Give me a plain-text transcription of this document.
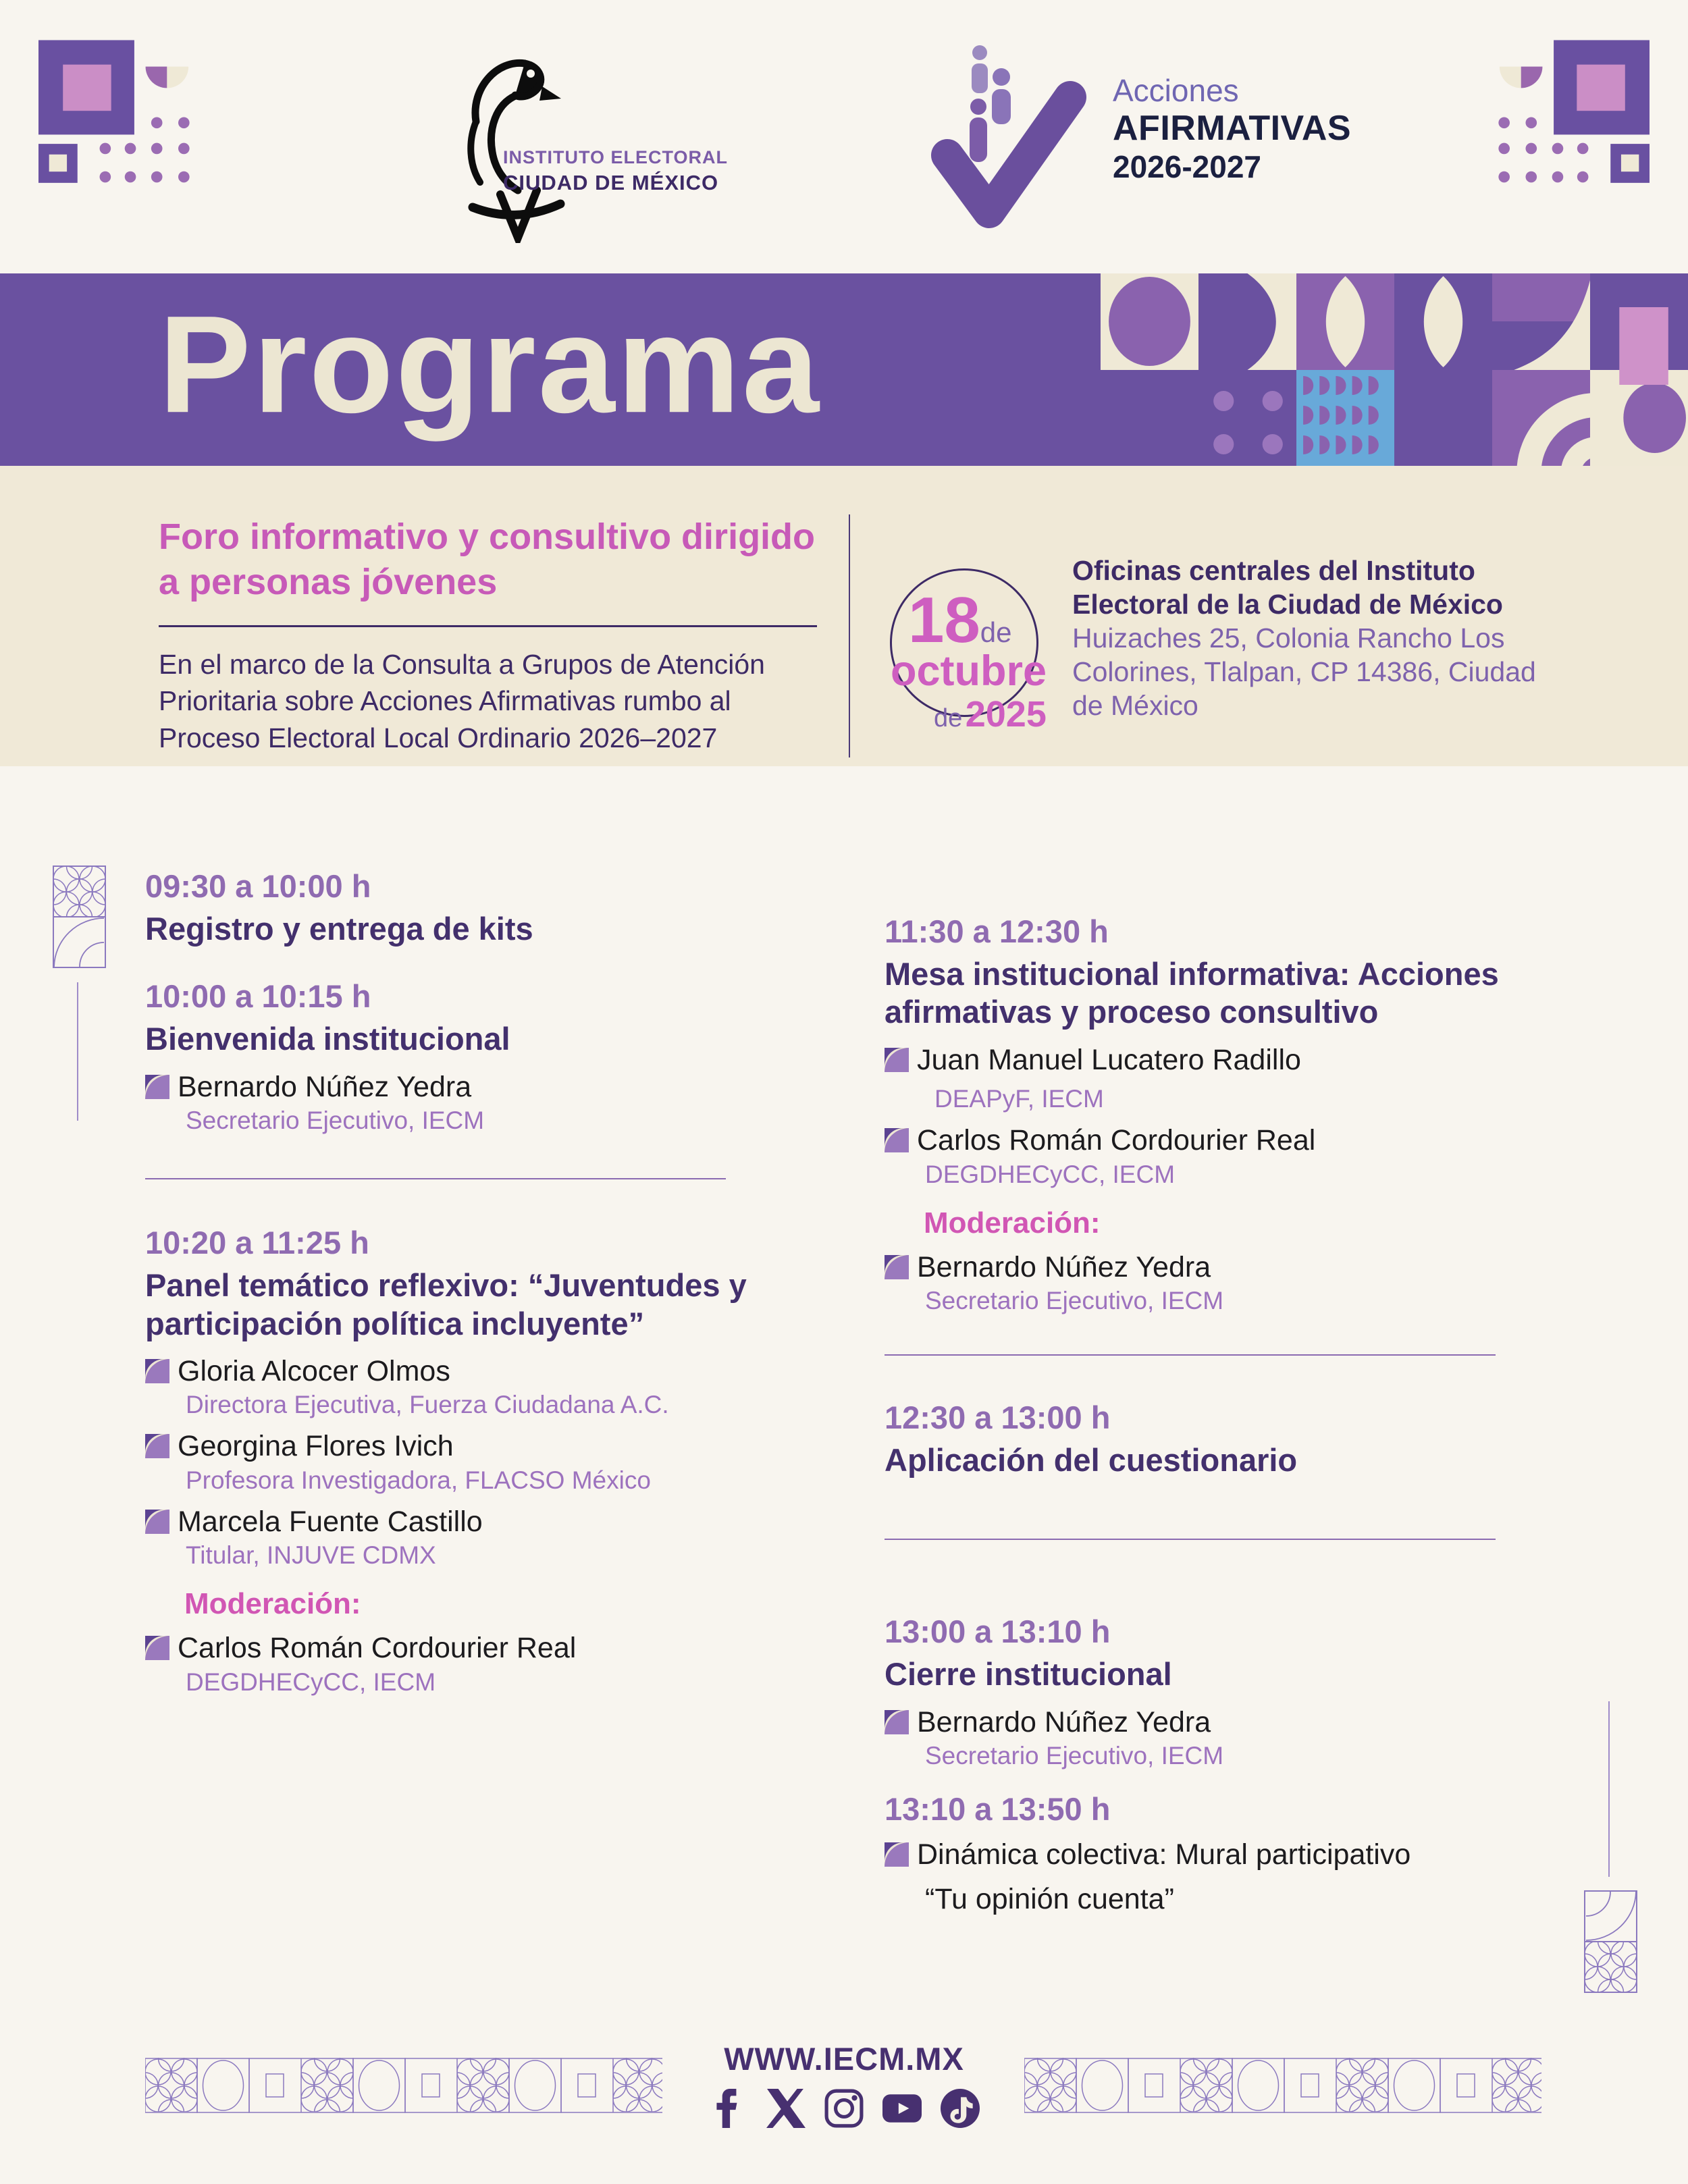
INSTITUTO ELECTORAL
CIUDAD DE MÉXICO
Acciones
AFIRMATIVAS
2026-2027
Programa
Foro informativo y consultivo dirigido a personas jóvenes

En el marco de la Consulta a Grupos de Atención Prioritaria sobre Acciones Afirmativas rumbo al Proceso Electoral Local Ordinario 2026–2027

18de
octubre
de 2025
Oficinas centrales del Instituto
Electoral de la Ciudad de México
Huizaches 25, Colonia Rancho Los Colorines, Tlalpan, CP 14386, Ciudad de México
09:30 a 10:00 h
Registro y entrega de kits
10:00 a 10:15 h
Bienvenida institucional
Bernardo Núñez Yedra
Secretario Ejecutivo, IECM
10:20 a 11:25 h
Panel temático reflexivo: “Juventudes y participación política incluyente”
Gloria Alcocer Olmos
Directora Ejecutiva, Fuerza Ciudadana A.C.
Georgina Flores Ivich
Profesora Investigadora, FLACSO México
Marcela Fuente Castillo
Titular, INJUVE CDMX
Moderación:
Carlos Román Cordourier Real
DEGDHECyCC, IECM
11:30 a 12:30 h
Mesa institucional informativa: Acciones afirmativas y proceso consultivo
Juan Manuel Lucatero Radillo
DEAPyF, IECM
Carlos Román Cordourier Real
DEGDHECyCC, IECM
Moderación:
Bernardo Núñez Yedra
Secretario Ejecutivo, IECM
12:30 a 13:00 h
Aplicación del cuestionario
13:00 a 13:10 h
Cierre institucional
Bernardo Núñez Yedra
Secretario Ejecutivo, IECM
13:10 a 13:50 h
Dinámica colectiva: Mural participativo
“Tu opinión cuenta”
WWW.IECM.MX
